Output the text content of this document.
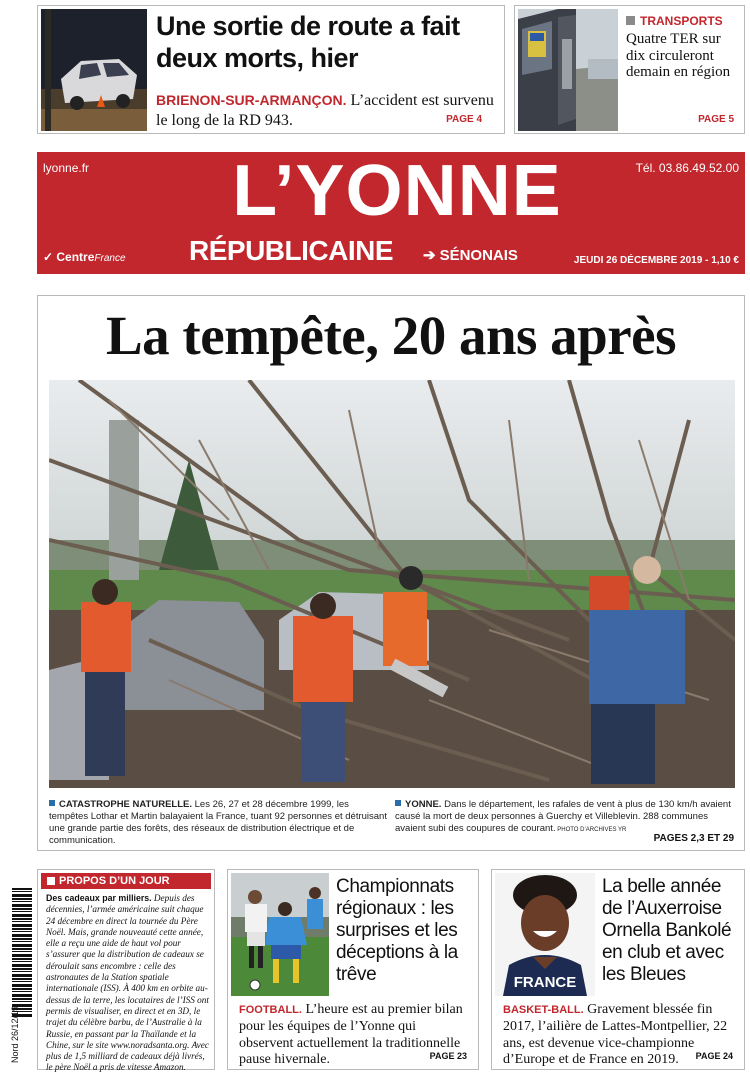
Une sortie de route a fait deux morts, hier
BRIENON-SUR-ARMANÇON. L’accident est survenu le long de la RD 943.	PAGE 4
TRANSPORTS
Quatre TER sur dix circuleront demain en région
PAGE 5
lyonne.fr	Tél. 03.86.49.52.00
L’YONNE
RÉPUBLICAINE ➔ SÉNONAIS
✓ CentreFrance	JEUDI 26 DÉCEMBRE 2019 - 1,10 €
La tempête, 20 ans après
CATASTROPHE NATURELLE. Les 26, 27 et 28 décembre 1999, les tempêtes Lothar et Martin balayaient la France, tuant 92 personnes et détruisant une grande partie des forêts, des réseaux de distribution électrique et de communication.
YONNE. Dans le département, les rafales de vent à plus de 130 km/h avaient causé la mort de deux personnes à Guerchy et Villeblevin. 288 communes avaient subi des coupures de courant. PHOTO D’ARCHIVES YR
PAGES 2,3 ET 29
Nord 26/12/19
PROPOS D’UN JOUR
Des cadeaux par milliers. Depuis des décennies, l’armée américaine suit chaque 24 décembre en direct la tournée du Père Noël. Mais, grande nouveauté cette année, elle a reçu une aide de haut vol pour s’assurer que la distribution de cadeaux se déroulait sans encombre : celle des astronautes de la Station spatiale internationale (ISS). À 400 km en orbite au-dessus de la terre, les locataires de l’ISS ont permis de visualiser, en direct et en 3D, le trajet du célèbre barbu, de l’Australie à la Russie, en passant par la Thaïlande et la Chine, sur le site www.noradsanta.org. Avec plus de 1,5 milliard de cadeaux déjà livrés, le père Noël a pris de vitesse Amazon.
Championnats régionaux : les surprises et les déceptions à la trêve
FOOTBALL. L’heure est au premier bilan pour les équipes de l’Yonne qui observent actuellement la traditionnelle pause hivernale.	PAGE 23
FRANCE
La belle année de l’Auxerroise Ornella Bankolé en club et avec les Bleues
BASKET-BALL. Gravement blessée fin 2017, l’ailière de Lattes-Montpellier, 22 ans, est devenue vice-championne d’Europe et de France en 2019.	PAGE 24
